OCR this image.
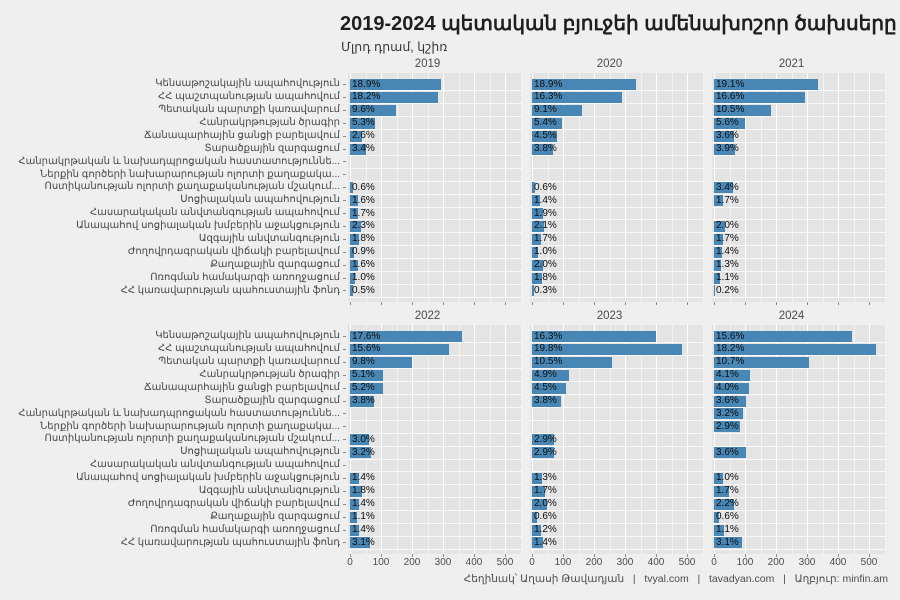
2019-2024 պետական բյուջեի ամենախոշոր ծախսերը
Մլրդ դրամ, կշիռ
Հեղինակ՝ Աղասի Թավադյան   |   tvyal.com   |   tavadyan.com   |   Աղբյուր: minfin.am
Կենսաթոշակային ապահովություն
ՀՀ պաշտպանության ապահովում
Պետական պարտքի կառավարում
Հանրակրթության ծրագիր
Ճանապարհային ցանցի բարելավում
Տարածքային զարգացում
Հանրակրթական և նախադպրոցական հաստատություննե...
Ներքին գործերի նախարարության ոլորտի քաղաքակա...
Ոստիկանության ոլորտի քաղաքականության մշակում...
Սոցիալական ապահովություն
Հասարակական անվտանգության ապահովում
Անապահով սոցիալական խմբերին աջակցություն
Ազգային անվտանգություն
Ժողովրդագրական վիճակի բարելավում
Քաղաքային զարգացում
Ոռոգման համակարգի առողջացում
ՀՀ կառավարության պահուստային ֆոնդ
2019
18.9%
18.2%
9.6%
5.3%
2.6%
3.4%
0.6%
1.6%
1.7%
2.3%
1.8%
0.9%
1.6%
1.0%
0.5%
2020
18.9%
16.3%
9.1%
5.4%
4.5%
3.8%
0.6%
1.4%
1.9%
2.1%
1.7%
1.0%
2.0%
1.8%
0.3%
2021
19.1%
16.6%
10.5%
5.6%
3.6%
3.9%
3.4%
1.7%
2.0%
1.7%
1.4%
1.3%
1.1%
0.2%
Կենսաթոշակային ապահովություն
ՀՀ պաշտպանության ապահովում
Պետական պարտքի կառավարում
Հանրակրթության ծրագիր
Ճանապարհային ցանցի բարելավում
Տարածքային զարգացում
Հանրակրթական և նախադպրոցական հաստատություննե...
Ներքին գործերի նախարարության ոլորտի քաղաքակա...
Ոստիկանության ոլորտի քաղաքականության մշակում...
Սոցիալական ապահովություն
Հասարակական անվտանգության ապահովում
Անապահով սոցիալական խմբերին աջակցություն
Ազգային անվտանգություն
Ժողովրդագրական վիճակի բարելավում
Քաղաքային զարգացում
Ոռոգման համակարգի առողջացում
ՀՀ կառավարության պահուստային ֆոնդ
2022
17.6%
15.6%
9.8%
5.1%
5.2%
3.8%
3.0%
3.2%
1.4%
1.8%
1.4%
1.1%
1.4%
3.1%
0	100	200	300	400	500
2023
16.3%
19.8%
10.5%
4.9%
4.5%
3.8%
2.9%
2.9%
1.3%
1.7%
2.0%
0.6%
1.2%
1.4%
0	100	200	300	400	500
2024
15.6%
18.2%
10.7%
4.1%
4.0%
3.6%
3.2%
2.9%
3.6%
1.0%
1.7%
2.2%
0.6%
1.1%
3.1%
0	100	200	300	400	500
